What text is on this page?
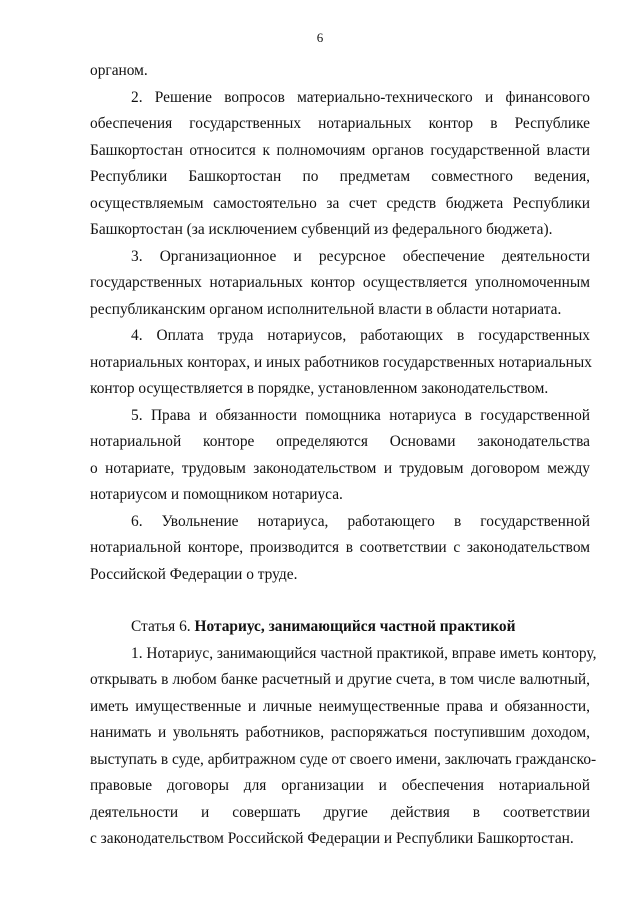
6

органом.

2. Решение вопросов материально-технического и финансового
обеспечения государственных нотариальных контор в Республике
Башкортостан относится к полномочиям органов государственной власти
Республики Башкортостан по предметам совместного ведения,
осуществляемым самостоятельно за счет средств бюджета Республики
Башкортостан (за исключением субвенций из федерального бюджета).

3. Организационное и ресурсное обеспечение деятельности
государственных нотариальных контор осуществляется уполномоченным
республиканским органом исполнительной власти в области нотариата.

4. Оплата труда нотариусов, работающих в государственных
нотариальных конторах, и иных работников государственных нотариальных
контор осуществляется в порядке, установленном законодательством.

5. Права и обязанности помощника нотариуса в государственной
нотариальной конторе определяются Основами законодательства
о нотариате, трудовым законодательством и трудовым договором между
нотариусом и помощником нотариуса.

6. Увольнение нотариуса, работающего в государственной
нотариальной конторе, производится в соответствии с законодательством
Российской Федерации о труде.

Статья 6. Нотариус, занимающийся частной практикой

1. Нотариус, занимающийся частной практикой, вправе иметь контору,
открывать в любом банке расчетный и другие счета, в том числе валютный,
иметь имущественные и личные неимущественные права и обязанности,
нанимать и увольнять работников, распоряжаться поступившим доходом,
выступать в суде, арбитражном суде от своего имени, заключать гражданско-
правовые договоры для организации и обеспечения нотариальной
деятельности и совершать другие действия в соответствии
с законодательством Российской Федерации и Республики Башкортостан.
